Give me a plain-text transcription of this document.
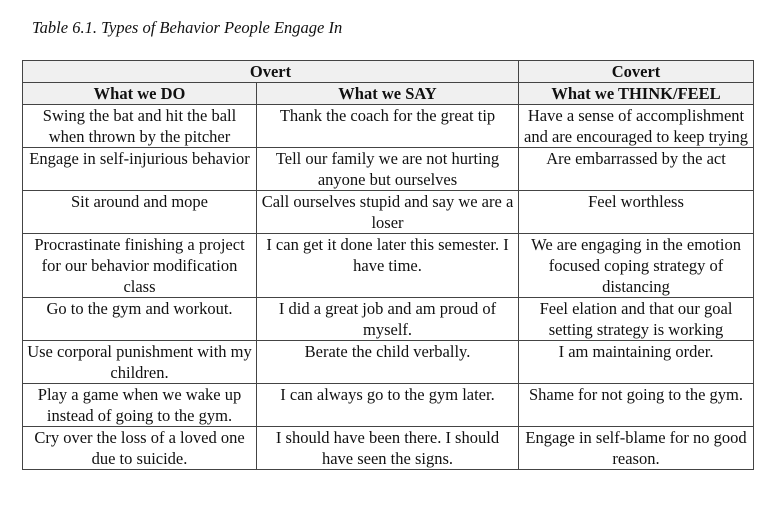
Table 6.1. Types of Behavior People Engage In
Overt		Covert
What we DO	What we SAY	What we THINK/FEEL
Swing the bat and hit the ball when thrown by the pitcher	Thank the coach for the great tip	Have a sense of accomplishment and are encouraged to keep trying
Engage in self-injurious behavior	Tell our family we are not hurting anyone but ourselves	Are embarrassed by the act
Sit around and mope	Call ourselves stupid and say we are a loser	Feel worthless
Procrastinate finishing a project for our behavior modification class	I can get it done later this semester. I have time.	We are engaging in the emotion focused coping strategy of distancing
Go to the gym and workout.	I did a great job and am proud of myself.	Feel elation and that our goal setting strategy is working
Use corporal punishment with my children.	Berate the child verbally.	I am maintaining order.
Play a game when we wake up instead of going to the gym.	I can always go to the gym later.	Shame for not going to the gym.
Cry over the loss of a loved one due to suicide.	I should have been there. I should have seen the signs.	Engage in self-blame for no good reason.
